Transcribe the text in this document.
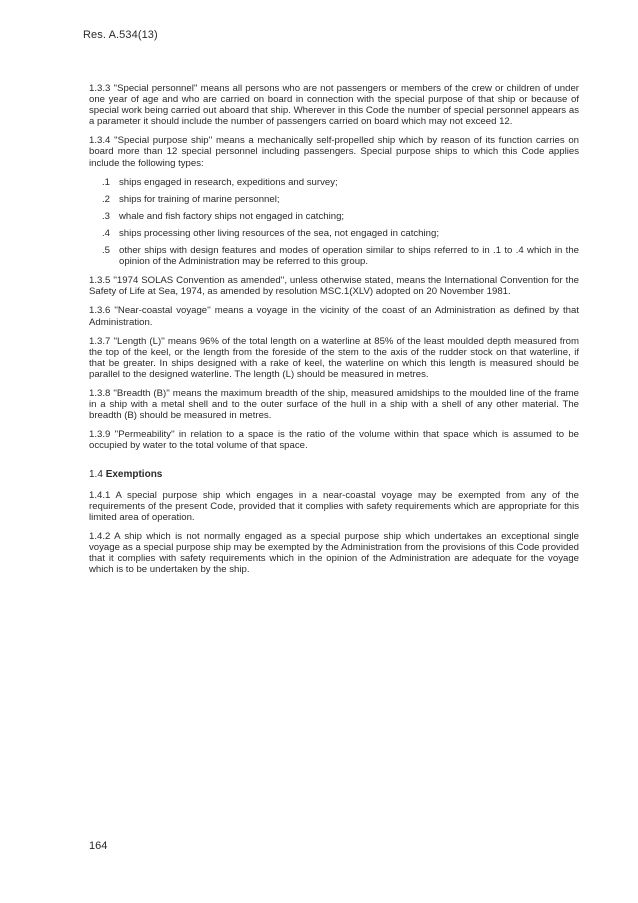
Res. A.534(13)

1.3.3 ''Special personnel'' means all persons who are not passengers or members of the crew or children of under one year of age and who are carried on board in connection with the special purpose of that ship or because of special work being carried out aboard that ship. Wherever in this Code the number of special personnel appears as a parameter it should include the number of passengers carried on board which may not exceed 12.

1.3.4 ''Special purpose ship'' means a mechanically self-propelled ship which by reason of its function carries on board more than 12 special personnel including passengers. Special purpose ships to which this Code applies include the following types:

.1 ships engaged in research, expeditions and survey;
.2 ships for training of marine personnel;
.3 whale and fish factory ships not engaged in catching;
.4 ships processing other living resources of the sea, not engaged in catching;
.5 other ships with design features and modes of operation similar to ships referred to in .1 to .4 which in the opinion of the Administration may be referred to this group.

1.3.5 ''1974 SOLAS Convention as amended'', unless otherwise stated, means the International Convention for the Safety of Life at Sea, 1974, as amended by resolution MSC.1(XLV) adopted on 20 November 1981.

1.3.6 ''Near-coastal voyage'' means a voyage in the vicinity of the coast of an Administration as defined by that Administration.

1.3.7 ''Length (L)'' means 96% of the total length on a waterline at 85% of the least moulded depth measured from the top of the keel, or the length from the foreside of the stem to the axis of the rudder stock on that waterline, if that be greater. In ships designed with a rake of keel, the waterline on which this length is measured should be parallel to the designed waterline. The length (L) should be measured in metres.

1.3.8 ''Breadth (B)'' means the maximum breadth of the ship, measured amidships to the moulded line of the frame in a ship with a metal shell and to the outer surface of the hull in a ship with a shell of any other material. The breadth (B) should be measured in metres.

1.3.9 ''Permeability'' in relation to a space is the ratio of the volume within that space which is assumed to be occupied by water to the total volume of that space.

1.4 Exemptions

1.4.1 A special purpose ship which engages in a near-coastal voyage may be exempted from any of the requirements of the present Code, provided that it complies with safety requirements which are appropriate for this limited area of operation.

1.4.2 A ship which is not normally engaged as a special purpose ship which undertakes an exceptional single voyage as a special purpose ship may be exempted by the Administration from the provisions of this Code provided that it complies with safety requirements which in the opinion of the Administration are adequate for the voyage which is to be undertaken by the ship.

164
